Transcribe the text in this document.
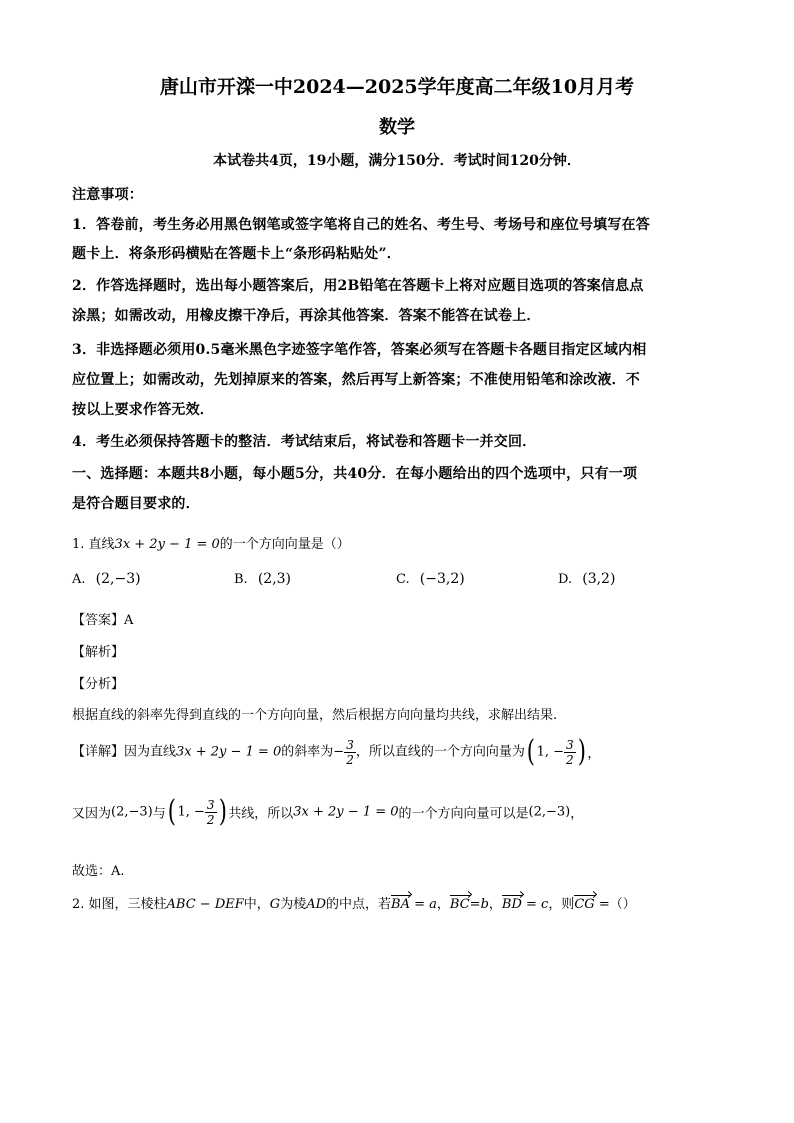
唐山市开滦一中2024—2025学年度高二年级10月月考
数学
本试卷共4页，19小题，满分150分．考试时间120分钟．
注意事项：
1．答卷前，考生务必用黑色钢笔或签字笔将自己的姓名、考生号、考场号和座位号填写在答
题卡上．将条形码横贴在答题卡上“条形码粘贴处”．
2．作答选择题时，选出每小题答案后，用2B铅笔在答题卡上将对应题目选项的答案信息点
涂黑；如需改动，用橡皮擦干净后，再涂其他答案．答案不能答在试卷上．
3．非选择题必须用0.5毫米黑色字迹签字笔作答，答案必须写在答题卡各题目指定区域内相
应位置上；如需改动，先划掉原来的答案，然后再写上新答案；不准使用铅笔和涂改液．不
按以上要求作答无效．
4．考生必须保持答题卡的整洁．考试结束后，将试卷和答题卡一并交回．
一、选择题：本题共8小题，每小题5分，共40分．在每小题给出的四个选项中，只有一项
是符合题目要求的．
1. 直线3x + 2y − 1 = 0的一个方向向量是（）
A. (2,−3)	B. (2,3)	C. (−3,2)	D. (3,2)
【答案】A
【解析】
【分析】
根据直线的斜率先得到直线的一个方向向量，然后根据方向向量均共线，求解出结果.
【详解】因为直线3x + 2y − 1 = 0的斜率为− $\frac{3}{2}$ ，所以直线的一个方向向量为( 1, − $\frac{3}{2}$ ) ，
又因为(2,−3)与( 1, − $\frac{3}{2}$ ) 共线，所以3x + 2y − 1 = 0的一个方向向量可以是(2,−3)，
故选：A.
2. 如图，三棱柱ABC − DEF中，G为棱AD的中点，若BA = a，BC=b，BD = c，则CG =（）
